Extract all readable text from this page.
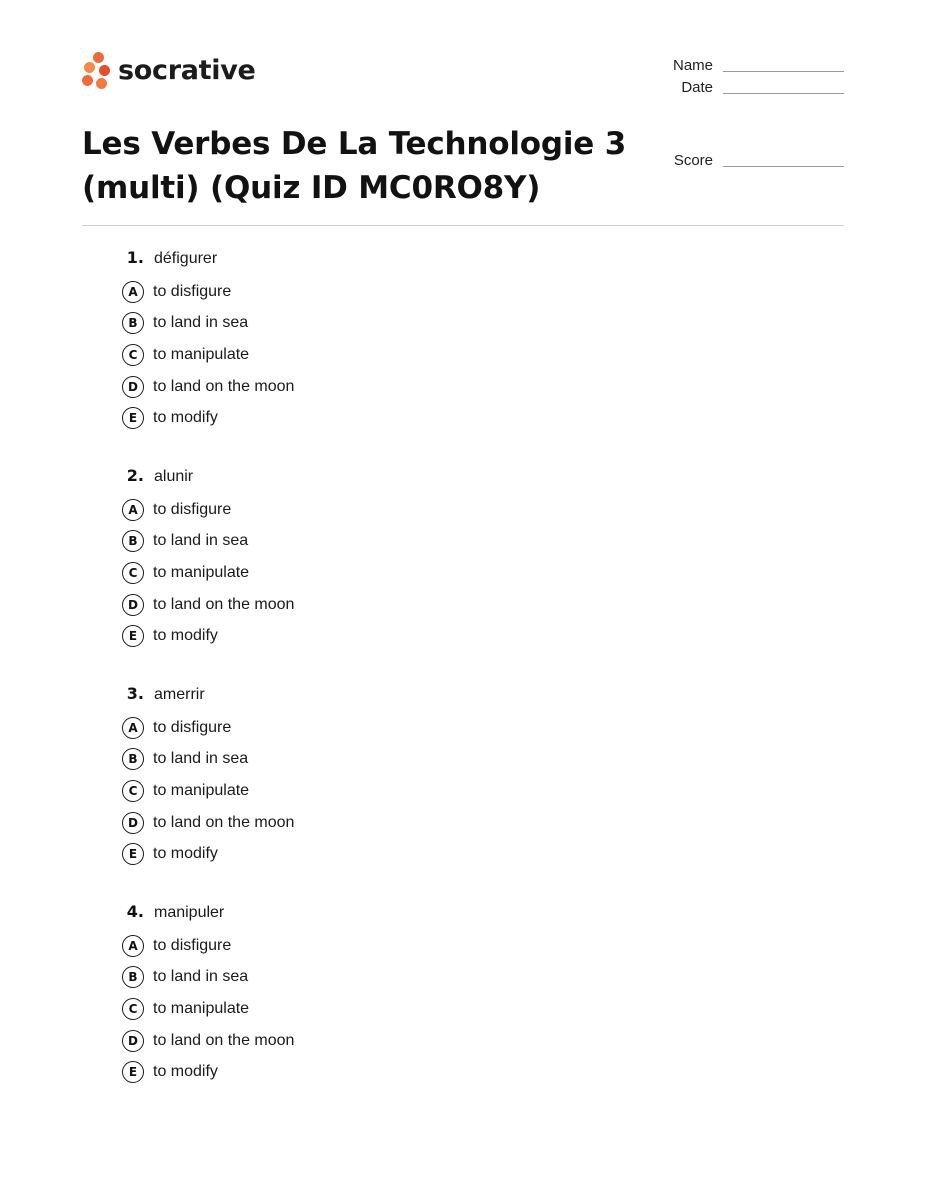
socrative
Les Verbes De La Technologie 3 (multi) (Quiz ID MC0RO8Y)
Name
Date
Score
1. défigurer
A to disfigure
B to land in sea
C to manipulate
D to land on the moon
E to modify
2. alunir
A to disfigure
B to land in sea
C to manipulate
D to land on the moon
E to modify
3. amerrir
A to disfigure
B to land in sea
C to manipulate
D to land on the moon
E to modify
4. manipuler
A to disfigure
B to land in sea
C to manipulate
D to land on the moon
E to modify
